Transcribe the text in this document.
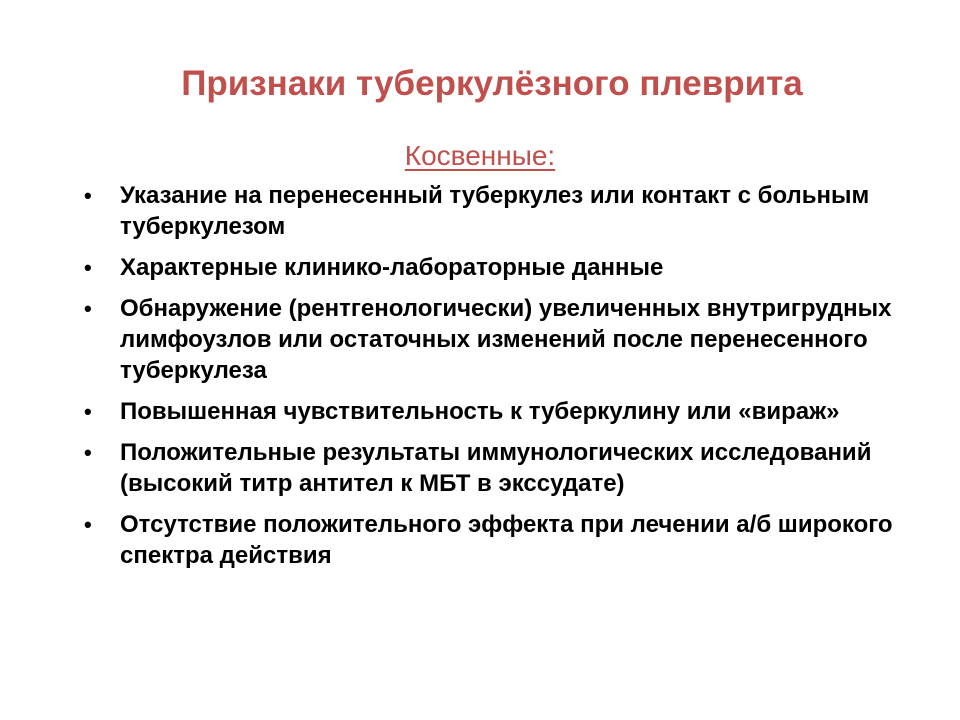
Признаки туберкулёзного плеврита
Косвенные:
•	Указание на перенесенный туберкулез или контакт с больным туберкулезом
•	Характерные клинико-лабораторные данные
•	Обнаружение (рентгенологически) увеличенных внутригрудных лимфоузлов или остаточных изменений после перенесенного туберкулеза
•	Повышенная чувствительность к туберкулину или «вираж»
•	Положительные результаты иммунологических исследований (высокий титр антител к МБТ в экссудате)
•	Отсутствие положительного эффекта при лечении а/б широкого спектра действия
